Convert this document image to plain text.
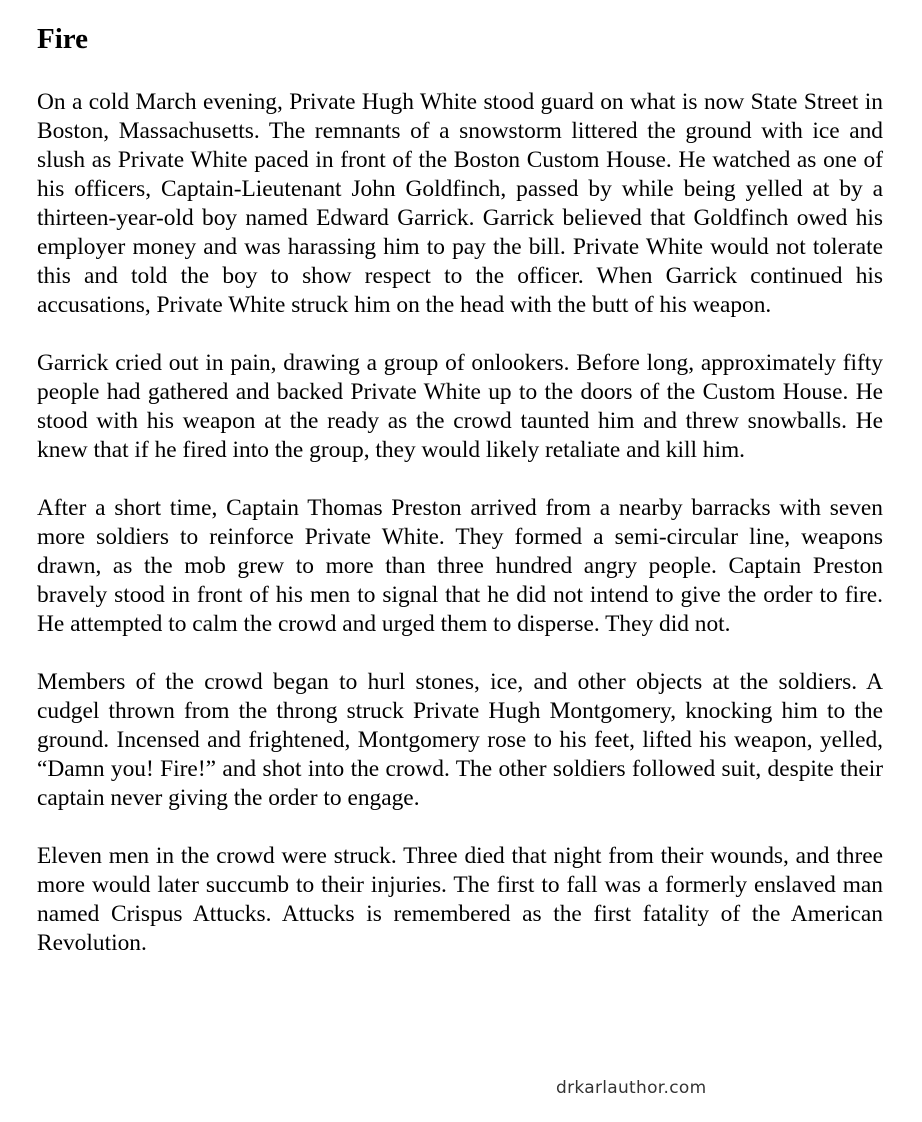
Fire

On a cold March evening, Private Hugh White stood guard on what is now State Street in Boston, Massachusetts. The remnants of a snowstorm littered the ground with ice and slush as Private White paced in front of the Boston Custom House. He watched as one of his officers, Captain-Lieutenant John Goldfinch, passed by while being yelled at by a thirteen-year-old boy named Edward Garrick. Garrick believed that Goldfinch owed his employer money and was harassing him to pay the bill. Private White would not tolerate this and told the boy to show respect to the officer. When Garrick continued his accusations, Private White struck him on the head with the butt of his weapon.

Garrick cried out in pain, drawing a group of onlookers. Before long, approximately fifty people had gathered and backed Private White up to the doors of the Custom House. He stood with his weapon at the ready as the crowd taunted him and threw snowballs. He knew that if he fired into the group, they would likely retaliate and kill him.

After a short time, Captain Thomas Preston arrived from a nearby barracks with seven more soldiers to reinforce Private White. They formed a semi-circular line, weapons drawn, as the mob grew to more than three hundred angry people. Captain Preston bravely stood in front of his men to signal that he did not intend to give the order to fire. He attempted to calm the crowd and urged them to disperse. They did not.

Members of the crowd began to hurl stones, ice, and other objects at the soldiers. A cudgel thrown from the throng struck Private Hugh Montgomery, knocking him to the ground. Incensed and frightened, Montgomery rose to his feet, lifted his weapon, yelled, “Damn you! Fire!” and shot into the crowd. The other soldiers followed suit, despite their captain never giving the order to engage.

Eleven men in the crowd were struck. Three died that night from their wounds, and three more would later succumb to their injuries. The first to fall was a formerly enslaved man named Crispus Attucks. Attucks is remembered as the first fatality of the American Revolution.

drkarlauthor.com
